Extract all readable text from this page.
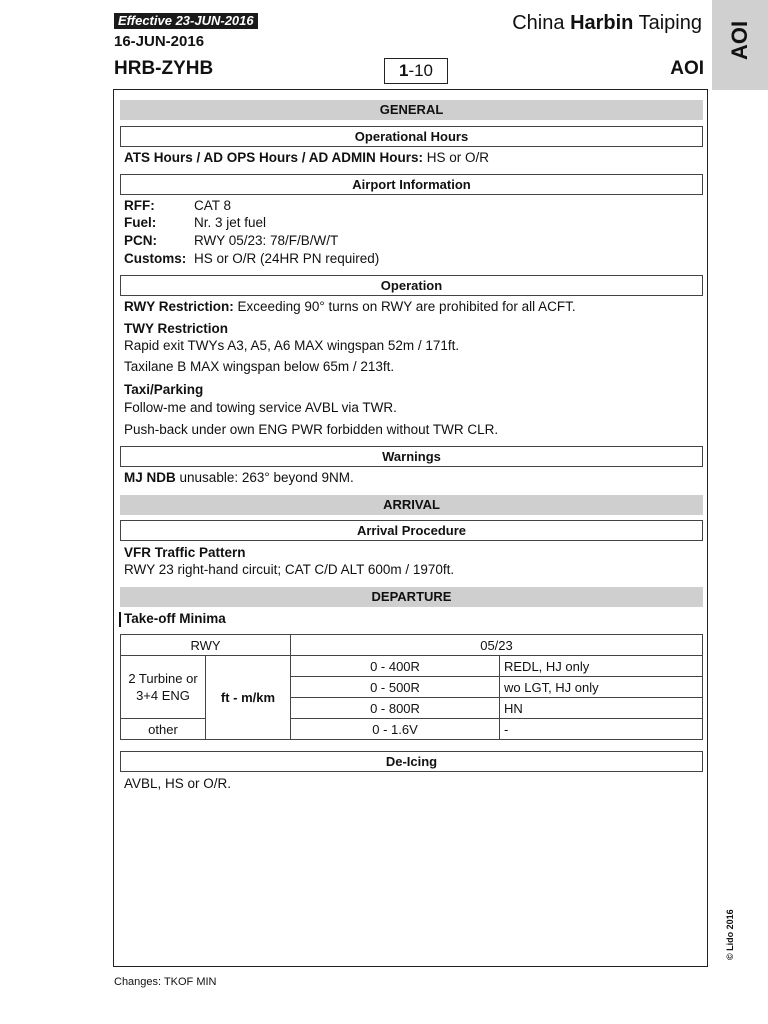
Effective 23-JUN-2016
16-JUN-2016
HRB-ZYHB
China Harbin Taiping
1-10	AOI
AOI
GENERAL
Operational Hours
ATS Hours / AD OPS Hours / AD ADMIN Hours: HS or O/R
Airport Information
RFF:	CAT 8
Fuel:	Nr. 3 jet fuel
PCN:	RWY 05/23: 78/F/B/W/T
Customs: HS or O/R (24HR PN required)
Operation
RWY Restriction: Exceeding 90° turns on RWY are prohibited for all ACFT.
TWY Restriction
Rapid exit TWYs A3, A5, A6 MAX wingspan 52m / 171ft.
Taxilane B MAX wingspan below 65m / 213ft.
Taxi/Parking
Follow-me and towing service AVBL via TWR.
Push-back under own ENG PWR forbidden without TWR CLR.
Warnings
MJ NDB unusable: 263° beyond 9NM.
ARRIVAL
Arrival Procedure
VFR Traffic Pattern
RWY 23 right-hand circuit; CAT C/D ALT 600m / 1970ft.
DEPARTURE
Take-off Minima
RWY		05/23	
2 Turbine or 3+4 ENG	ft - m/km	0 - 400R	REDL, HJ only
		0 - 500R	wo LGT, HJ only
		0 - 800R	HN
other		0 - 1.6V	-
De-Icing
AVBL, HS or O/R.
Changes: TKOF MIN
© Lido 2016
